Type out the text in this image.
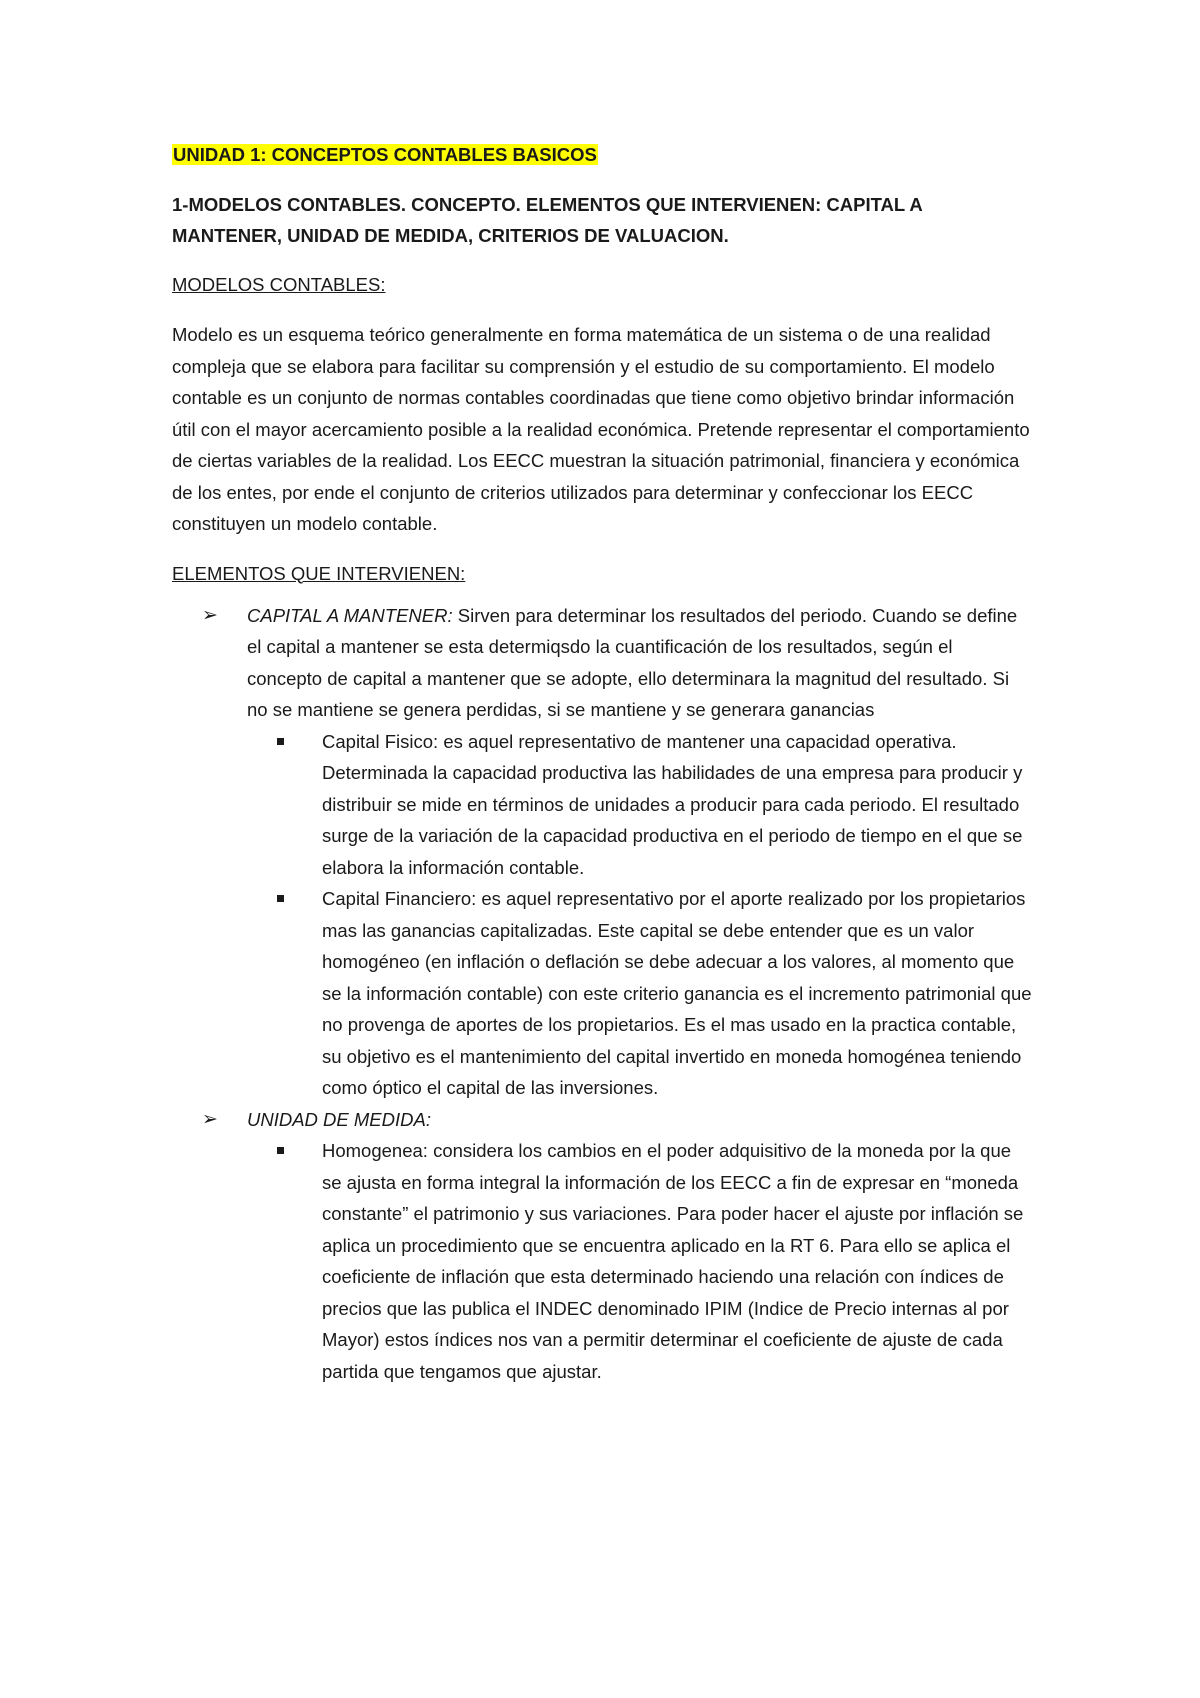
UNIDAD 1: CONCEPTOS CONTABLES BASICOS

1-MODELOS CONTABLES. CONCEPTO. ELEMENTOS QUE INTERVIENEN: CAPITAL A MANTENER, UNIDAD DE MEDIDA, CRITERIOS DE VALUACION.

MODELOS CONTABLES:

Modelo es un esquema teórico generalmente en forma matemática de un sistema o de una realidad compleja que se elabora para facilitar su comprensión y el estudio de su comportamiento. El modelo contable es un conjunto de normas contables coordinadas que tiene como objetivo brindar información útil con el mayor acercamiento posible a la realidad económica. Pretende representar el comportamiento de ciertas variables de la realidad. Los EECC muestran la situación patrimonial, financiera y económica de los entes, por ende el conjunto de criterios utilizados para determinar y confeccionar los EECC constituyen un modelo contable.

ELEMENTOS QUE INTERVIENEN:

➢ CAPITAL A MANTENER: Sirven para determinar los resultados del periodo. Cuando se define el capital a mantener se esta determiqsdo la cuantificación de los resultados, según el concepto de capital a mantener que se adopte, ello determinara la magnitud del resultado. Si no se mantiene se genera perdidas, si se mantiene y se generara ganancias
Capital Fisico: es aquel representativo de mantener una capacidad operativa. Determinada la capacidad productiva las habilidades de una empresa para producir y distribuir se mide en términos de unidades a producir para cada periodo. El resultado surge de la variación de la capacidad productiva en el periodo de tiempo en el que se elabora la información contable.
Capital Financiero: es aquel representativo por el aporte realizado por los propietarios mas las ganancias capitalizadas. Este capital se debe entender que es un valor homogéneo (en inflación o deflación se debe adecuar a los valores, al momento que se la información contable) con este criterio ganancia es el incremento patrimonial que no provenga de aportes de los propietarios. Es el mas usado en la practica contable, su objetivo es el mantenimiento del capital invertido en moneda homogénea teniendo como óptico el capital de las inversiones.
➢ UNIDAD DE MEDIDA:
Homogenea: considera los cambios en el poder adquisitivo de la moneda por la que se ajusta en forma integral la información de los EECC a fin de expresar en “moneda constante” el patrimonio y sus variaciones. Para poder hacer el ajuste por inflación se aplica un procedimiento que se encuentra aplicado en la RT 6. Para ello se aplica el coeficiente de inflación que esta determinado haciendo una relación con índices de precios que las publica el INDEC denominado IPIM (Indice de Precio internas al por Mayor) estos índices nos van a permitir determinar el coeficiente de ajuste de cada partida que tengamos que ajustar.
